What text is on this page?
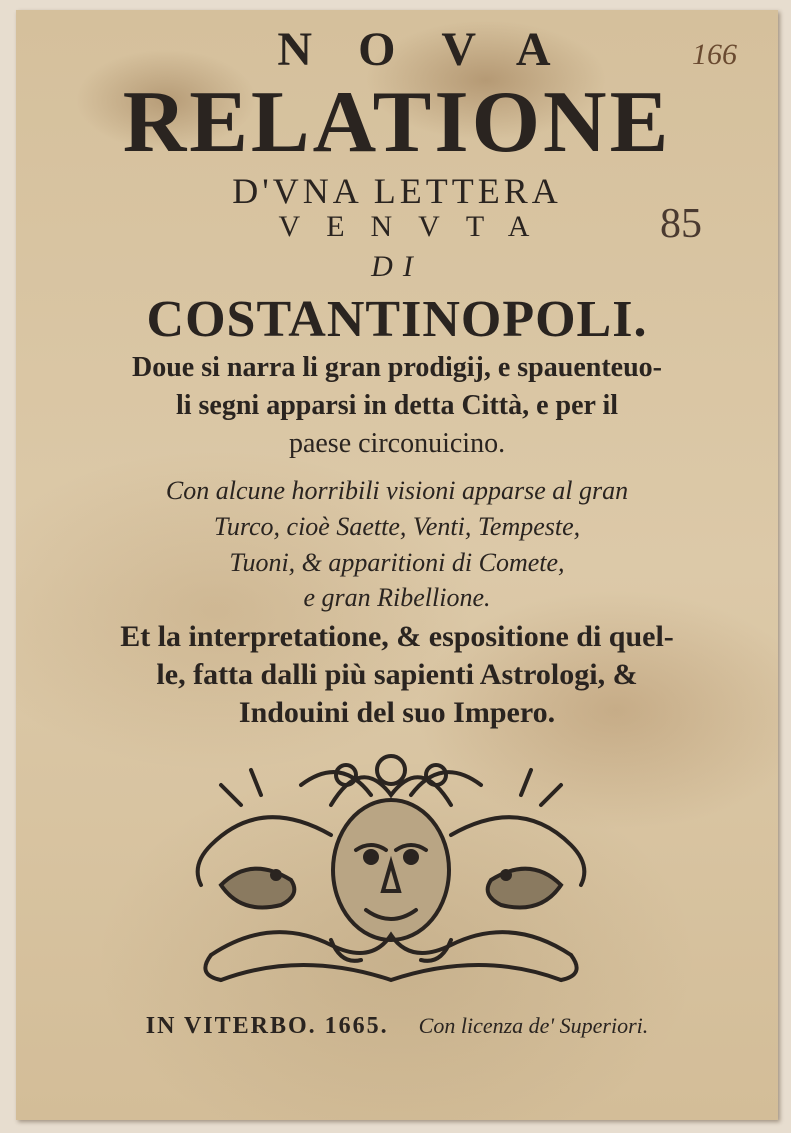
166
85
NOVA
RELATIONE
D'VNA LETTERA
VENVTA
DI
COSTANTINOPOLI.
Doue si narra li gran prodigij, e spauenteuo-
li segni apparsi in detta Città, e per il
paese circonuicino.
Con alcune horribili visioni apparse al gran
Turco, cioè Saette, Venti, Tempeste,
Tuoni, & apparitioni di Comete,
e gran Ribellione.
Et la interpretatione, & espositione di quel-
le, fatta dalli più sapienti Astrologi, &
Indouini del suo Impero.
IN VITERBO. 1665. Con licenza de' Superiori.
